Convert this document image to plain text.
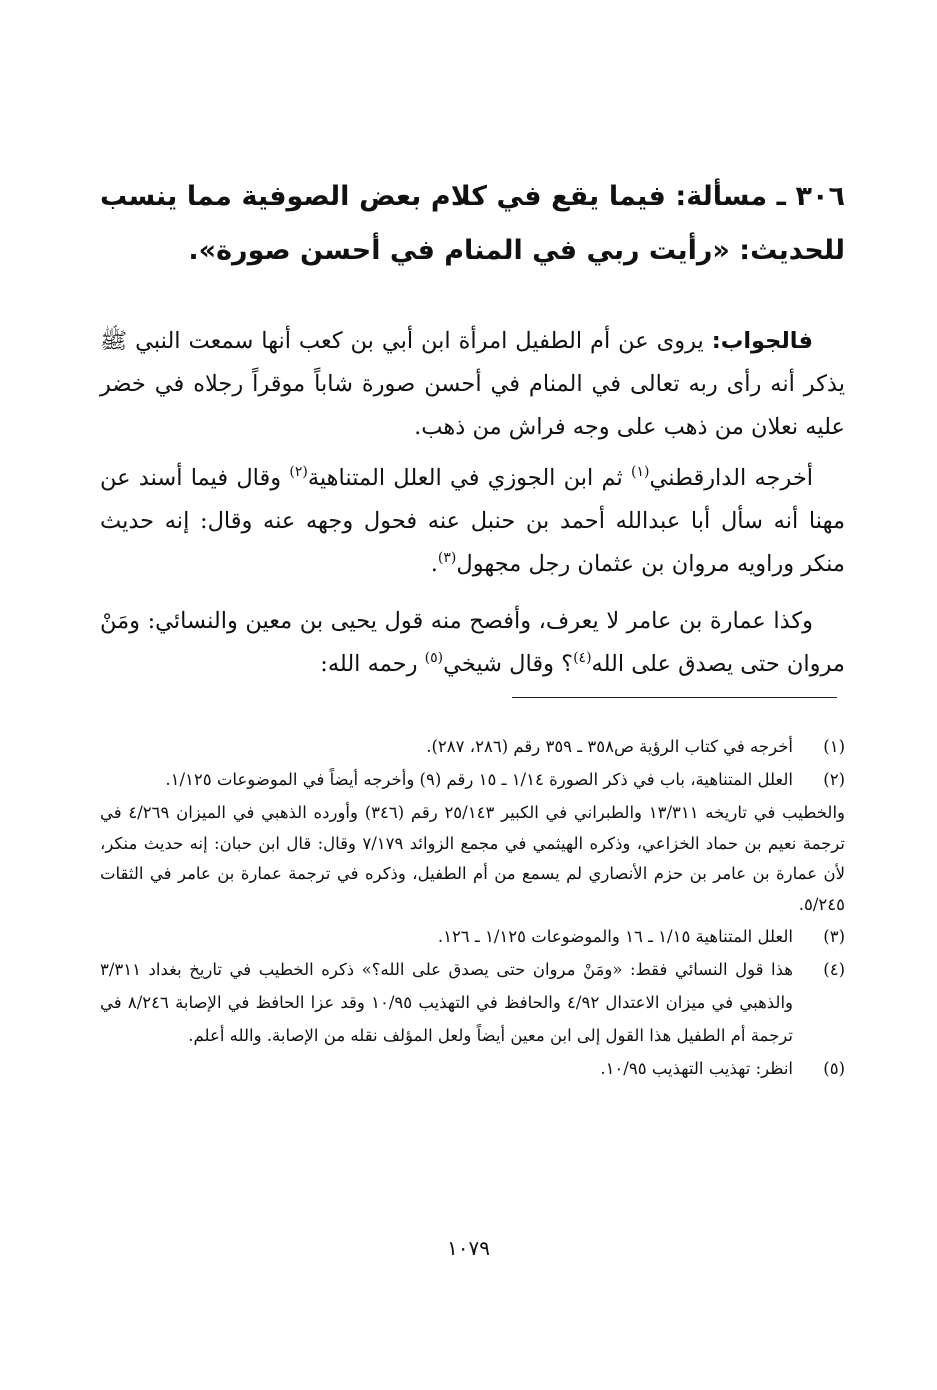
٣٠٦ ـ مسألة: فيما يقع في كلام بعض الصوفية مما ينسب للحديث: «رأيت ربي في المنام في أحسن صورة».

فالجواب: يروى عن أم الطفيل امرأة ابن أبي بن كعب أنها سمعت النبي ﷺ يذكر أنه رأى ربه تعالى في المنام في أحسن صورة شاباً موقراً رجلاه في خضر عليه نعلان من ذهب على وجه فراش من ذهب.

أخرجه الدارقطني$^{(١)}$ ثم ابن الجوزي في العلل المتناهية$^{(٢)}$ وقال فيما أسند عن مهنا أنه سأل أبا عبدالله أحمد بن حنبل عنه فحول وجهه عنه وقال: إنه حديث منكر وراويه مروان بن عثمان رجل مجهول$^{(٣)}$.

وكذا عمارة بن عامر لا يعرف، وأفصح منه قول يحيى بن معين والنسائي: ومَنْ مروان حتى يصدق على الله$^{(٤)}$؟ وقال شيخي$^{(٥)}$ رحمه الله:

(١)
أخرجه في كتاب الرؤية ص٣٥٨ ـ ٣٥٩ رقم (٢٨٦، ٢٨٧).
(٢)
العلل المتناهية، باب في ذكر الصورة ١/١٤ ـ ١٥ رقم (٩) وأخرجه أيضاً في الموضوعات ١/١٢٥.
والخطيب في تاريخه ١٣/٣١١ والطبراني في الكبير ٢٥/١٤٣ رقم (٣٤٦) وأورده الذهبي في الميزان ٤/٢٦٩ في ترجمة نعيم بن حماد الخزاعي، وذكره الهيثمي في مجمع الزوائد ٧/١٧٩ وقال: قال ابن حبان: إنه حديث منكر، لأن عمارة بن عامر بن حزم الأنصاري لم يسمع من أم الطفيل، وذكره في ترجمة عمارة بن عامر في الثقات ٥/٢٤٥.
(٣)
العلل المتناهية ١/١٥ ـ ١٦ والموضوعات ١/١٢٥ ـ ١٢٦.
(٤)
هذا قول النسائي فقط: «ومَنْ مروان حتى يصدق على الله؟» ذكره الخطيب في تاريخ بغداد ٣/٣١١ والذهبي في ميزان الاعتدال ٤/٩٢ والحافظ في التهذيب ١٠/٩٥ وقد عزا الحافظ في الإصابة ٨/٢٤٦ في ترجمة أم الطفيل هذا القول إلى ابن معين أيضاً ولعل المؤلف نقله من الإصابة. والله أعلم.
(٥)
انظر: تهذيب التهذيب ١٠/٩٥.
١٠٧٩
